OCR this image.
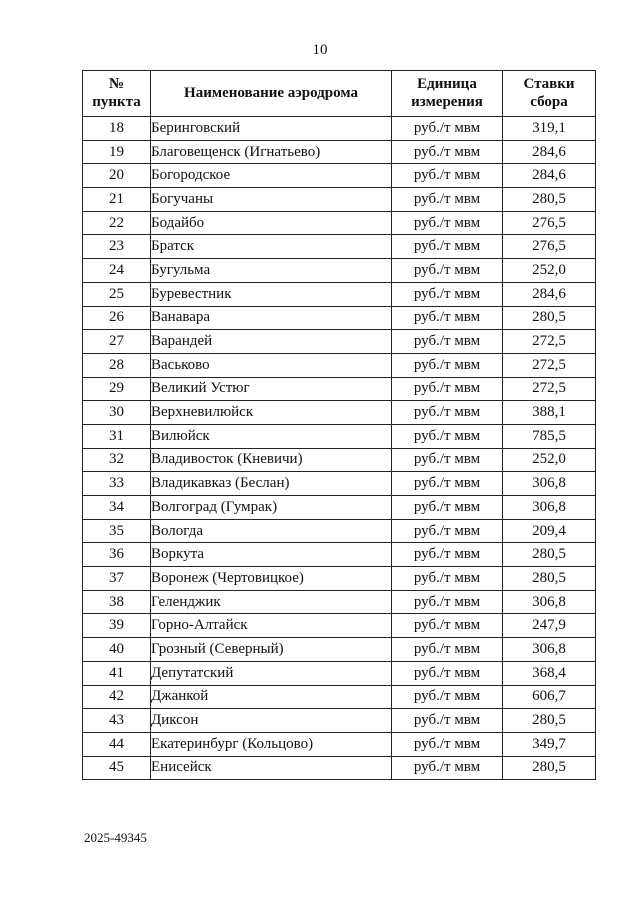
10
№ пункта	Наименование аэродрома	Единица измерения	Ставки сбора
18	Беринговский	руб./т мвм	319,1
19	Благовещенск (Игнатьево)	руб./т мвм	284,6
20	Богородское	руб./т мвм	284,6
21	Богучаны	руб./т мвм	280,5
22	Бодайбо	руб./т мвм	276,5
23	Братск	руб./т мвм	276,5
24	Бугульма	руб./т мвм	252,0
25	Буревестник	руб./т мвм	284,6
26	Ванавара	руб./т мвм	280,5
27	Варандей	руб./т мвм	272,5
28	Васьково	руб./т мвм	272,5
29	Великий Устюг	руб./т мвм	272,5
30	Верхневилюйск	руб./т мвм	388,1
31	Вилюйск	руб./т мвм	785,5
32	Владивосток (Кневичи)	руб./т мвм	252,0
33	Владикавказ (Беслан)	руб./т мвм	306,8
34	Волгоград (Гумрак)	руб./т мвм	306,8
35	Вологда	руб./т мвм	209,4
36	Воркута	руб./т мвм	280,5
37	Воронеж (Чертовицкое)	руб./т мвм	280,5
38	Геленджик	руб./т мвм	306,8
39	Горно-Алтайск	руб./т мвм	247,9
40	Грозный (Северный)	руб./т мвм	306,8
41	Депутатский	руб./т мвм	368,4
42	Джанкой	руб./т мвм	606,7
43	Диксон	руб./т мвм	280,5
44	Екатеринбург (Кольцово)	руб./т мвм	349,7
45	Енисейск	руб./т мвм	280,5
2025-49345
